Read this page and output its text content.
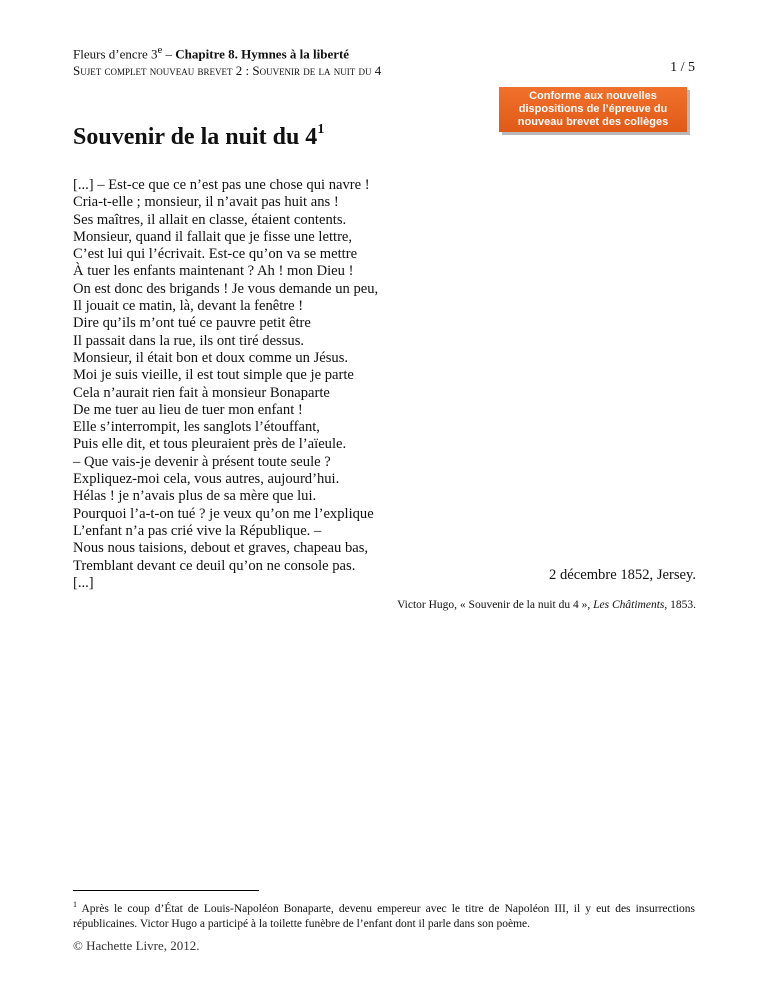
Fleurs d’encre 3e – Chapitre 8. Hymnes à la liberté
Sujet complet nouveau brevet 2 : Souvenir de la nuit du 4	1 / 5
Conforme aux nouvelles
dispositions de l’épreuve du
nouveau brevet des collèges
Souvenir de la nuit du $4^1$
[...] – Est-ce que ce n’est pas une chose qui navre !
Cria-t-elle ; monsieur, il n’avait pas huit ans !
Ses maîtres, il allait en classe, étaient contents.
Monsieur, quand il fallait que je fisse une lettre,
C’est lui qui l’écrivait. Est-ce qu’on va se mettre
À tuer les enfants maintenant ? Ah ! mon Dieu !
On est donc des brigands ! Je vous demande un peu,
Il jouait ce matin, là, devant la fenêtre !
Dire qu’ils m’ont tué ce pauvre petit être
Il passait dans la rue, ils ont tiré dessus.
Monsieur, il était bon et doux comme un Jésus.
Moi je suis vieille, il est tout simple que je parte
Cela n’aurait rien fait à monsieur Bonaparte
De me tuer au lieu de tuer mon enfant !
Elle s’interrompit, les sanglots l’étouffant,
Puis elle dit, et tous pleuraient près de l’aïeule.
– Que vais-je devenir à présent toute seule ?
Expliquez-moi cela, vous autres, aujourd’hui.
Hélas ! je n’avais plus de sa mère que lui.
Pourquoi l’a-t-on tué ? je veux qu’on me l’explique
L’enfant n’a pas crié vive la République. –
Nous nous taisions, debout et graves, chapeau bas,
Tremblant devant ce deuil qu’on ne console pas.
[...]	2 décembre 1852, Jersey.
Victor Hugo, « Souvenir de la nuit du 4 », Les Châtiments, 1853.
$^1$ Après le coup d’État de Louis-Napoléon Bonaparte, devenu empereur avec le titre de Napoléon III, il y eut des insurrections républicaines. Victor Hugo a participé à la toilette funèbre de l’enfant dont il parle dans son poème.
© Hachette Livre, 2012.
